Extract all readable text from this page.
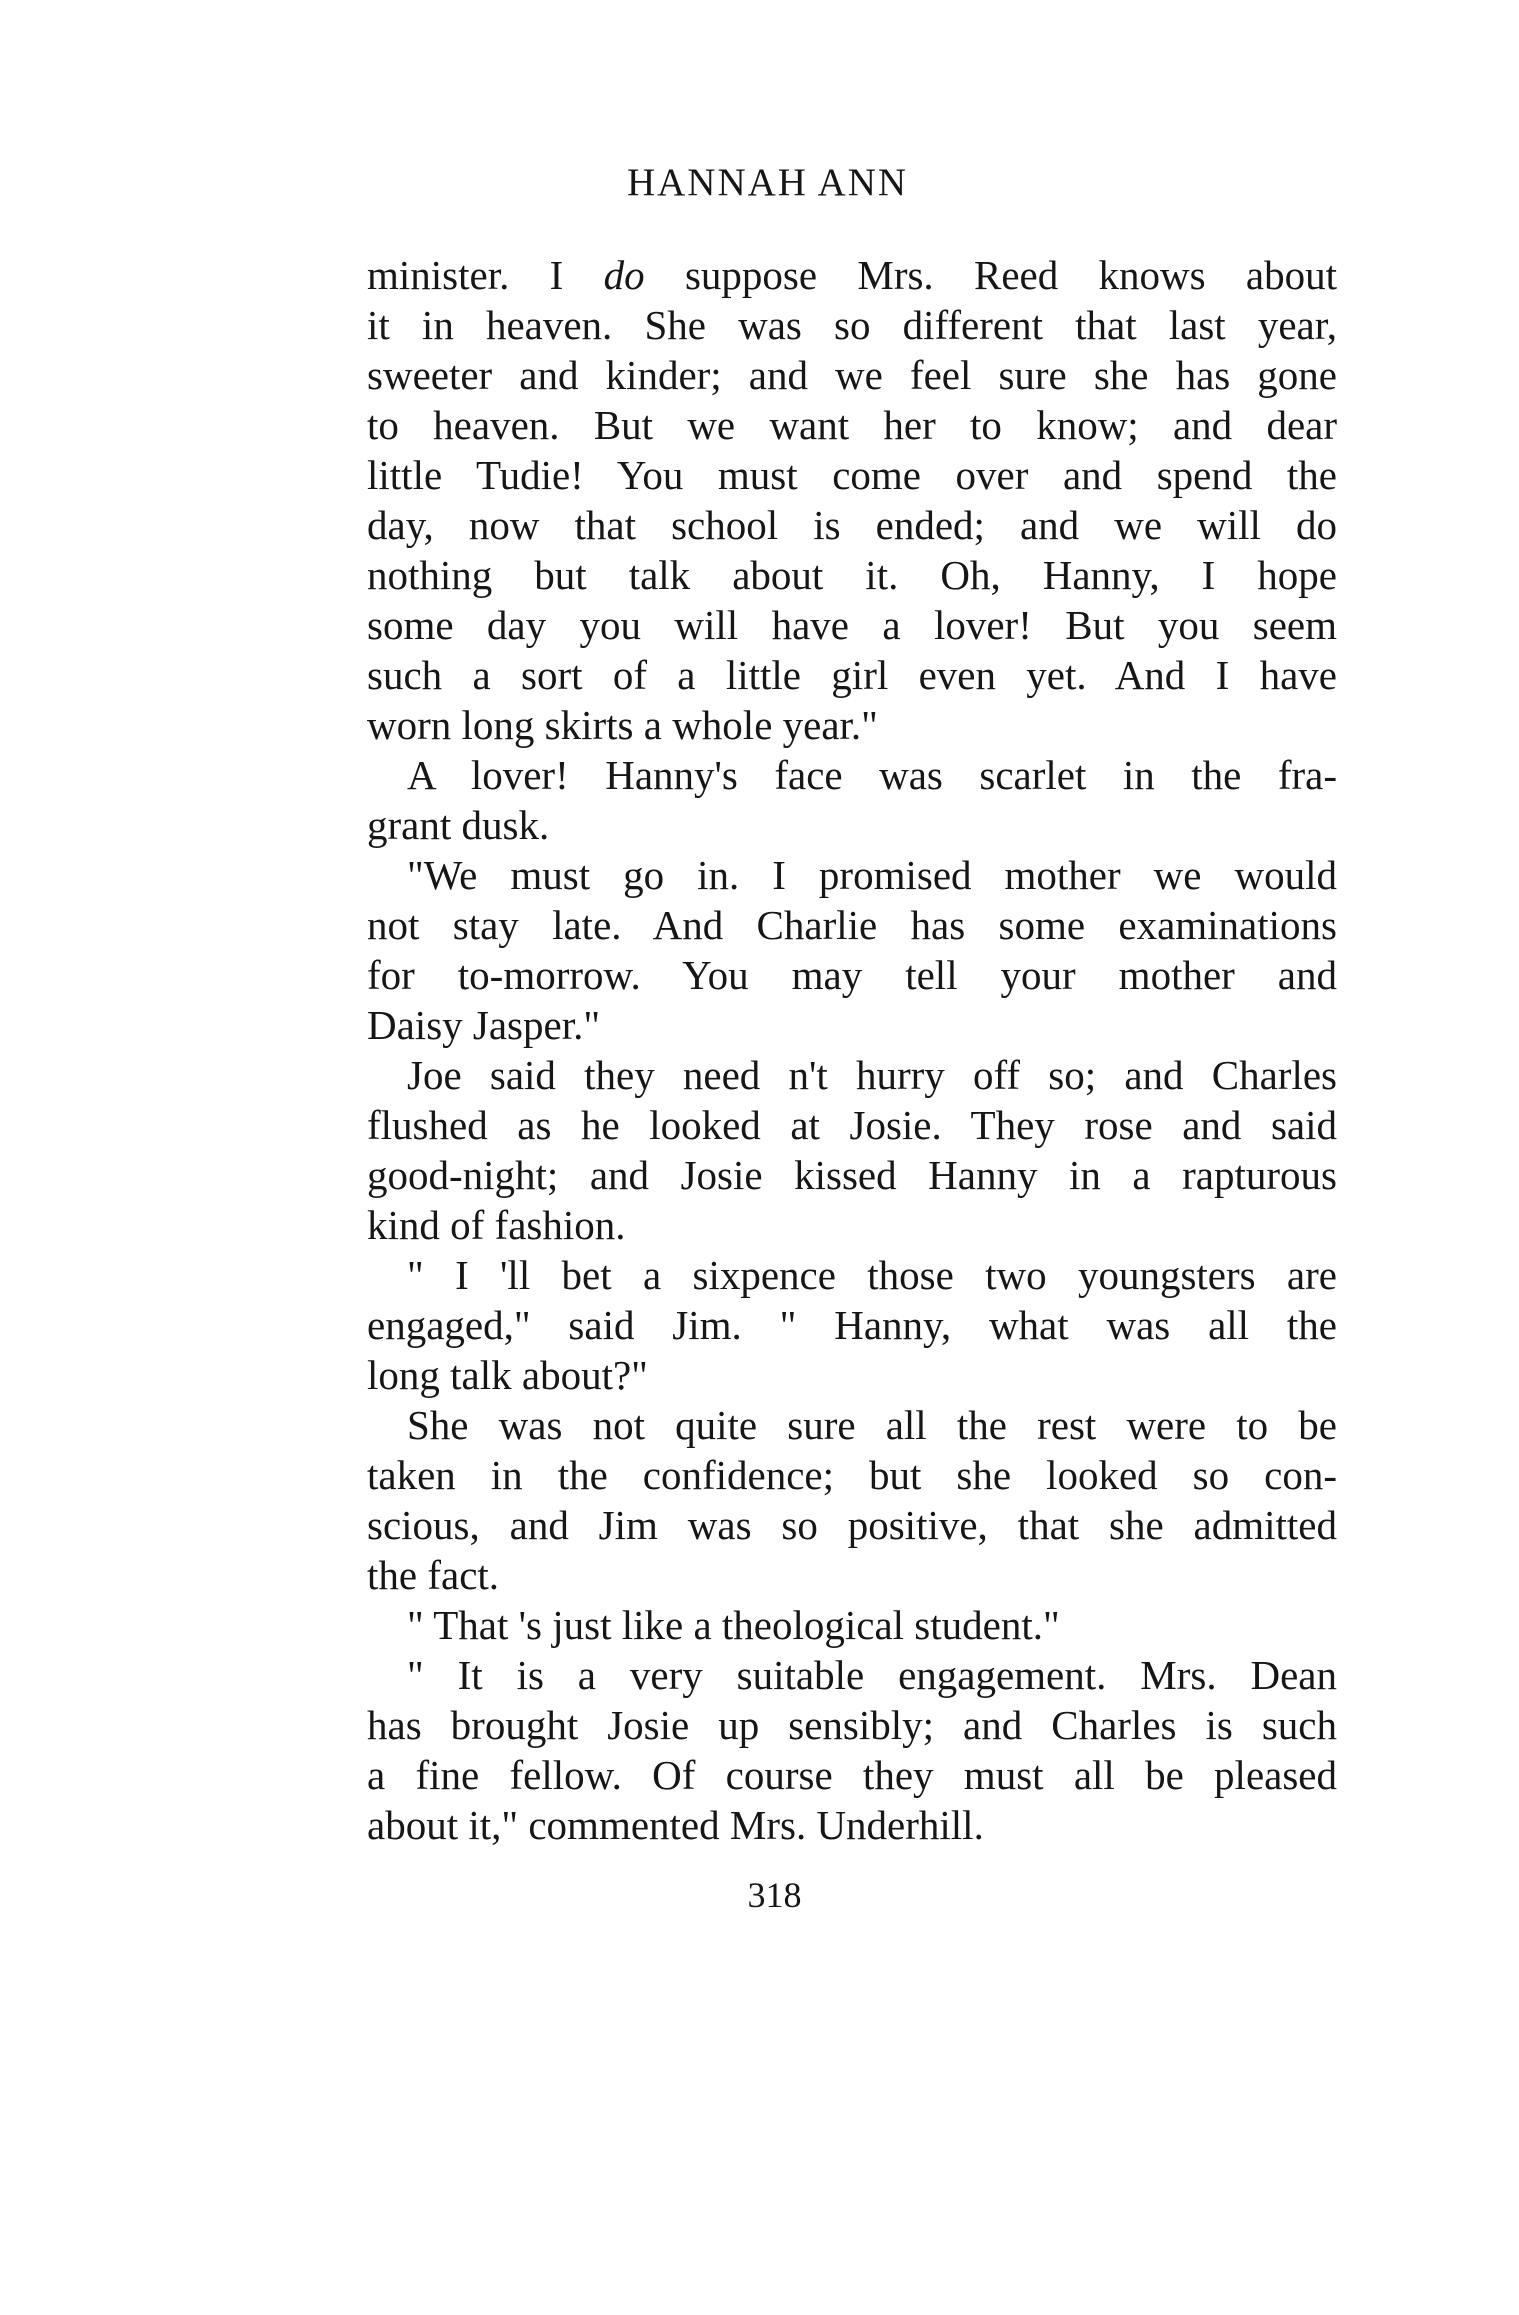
HANNAH ANN
minister. I do suppose Mrs. Reed knows about
it in heaven. She was so different that last year,
sweeter and kinder; and we feel sure she has gone
to heaven. But we want her to know; and dear
little Tudie! You must come over and spend the
day, now that school is ended; and we will do
nothing but talk about it. Oh, Hanny, I hope
some day you will have a lover! But you seem
such a sort of a little girl even yet. And I have
worn long skirts a whole year."
A lover! Hanny's face was scarlet in the fra-
grant dusk.
"We must go in. I promised mother we would
not stay late. And Charlie has some examinations
for to-morrow. You may tell your mother and
Daisy Jasper."
Joe said they need n't hurry off so; and Charles
flushed as he looked at Josie. They rose and said
good-night; and Josie kissed Hanny in a rapturous
kind of fashion.
" I 'll bet a sixpence those two youngsters are
engaged," said Jim. " Hanny, what was all the
long talk about?"
She was not quite sure all the rest were to be
taken in the confidence; but she looked so con-
scious, and Jim was so positive, that she admitted
the fact.
" That 's just like a theological student."
" It is a very suitable engagement. Mrs. Dean
has brought Josie up sensibly; and Charles is such
a fine fellow. Of course they must all be pleased
about it," commented Mrs. Underhill.
318
